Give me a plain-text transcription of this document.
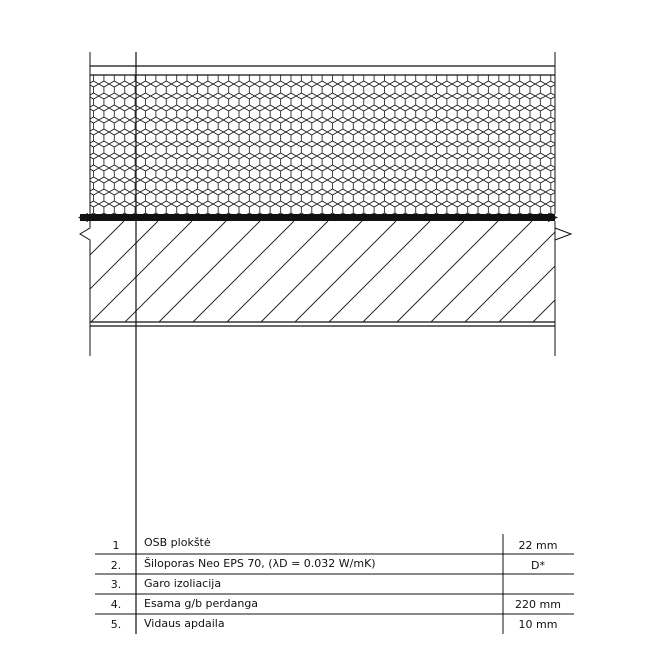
1 OSB plokštė	22 mm
2. Šiloporas Neo EPS 70, (λD = 0.032 W/mK)	D*
3. Garo izoliacija
4. Esama g/b perdanga	220 mm
5. Vidaus apdaila	10 mm
